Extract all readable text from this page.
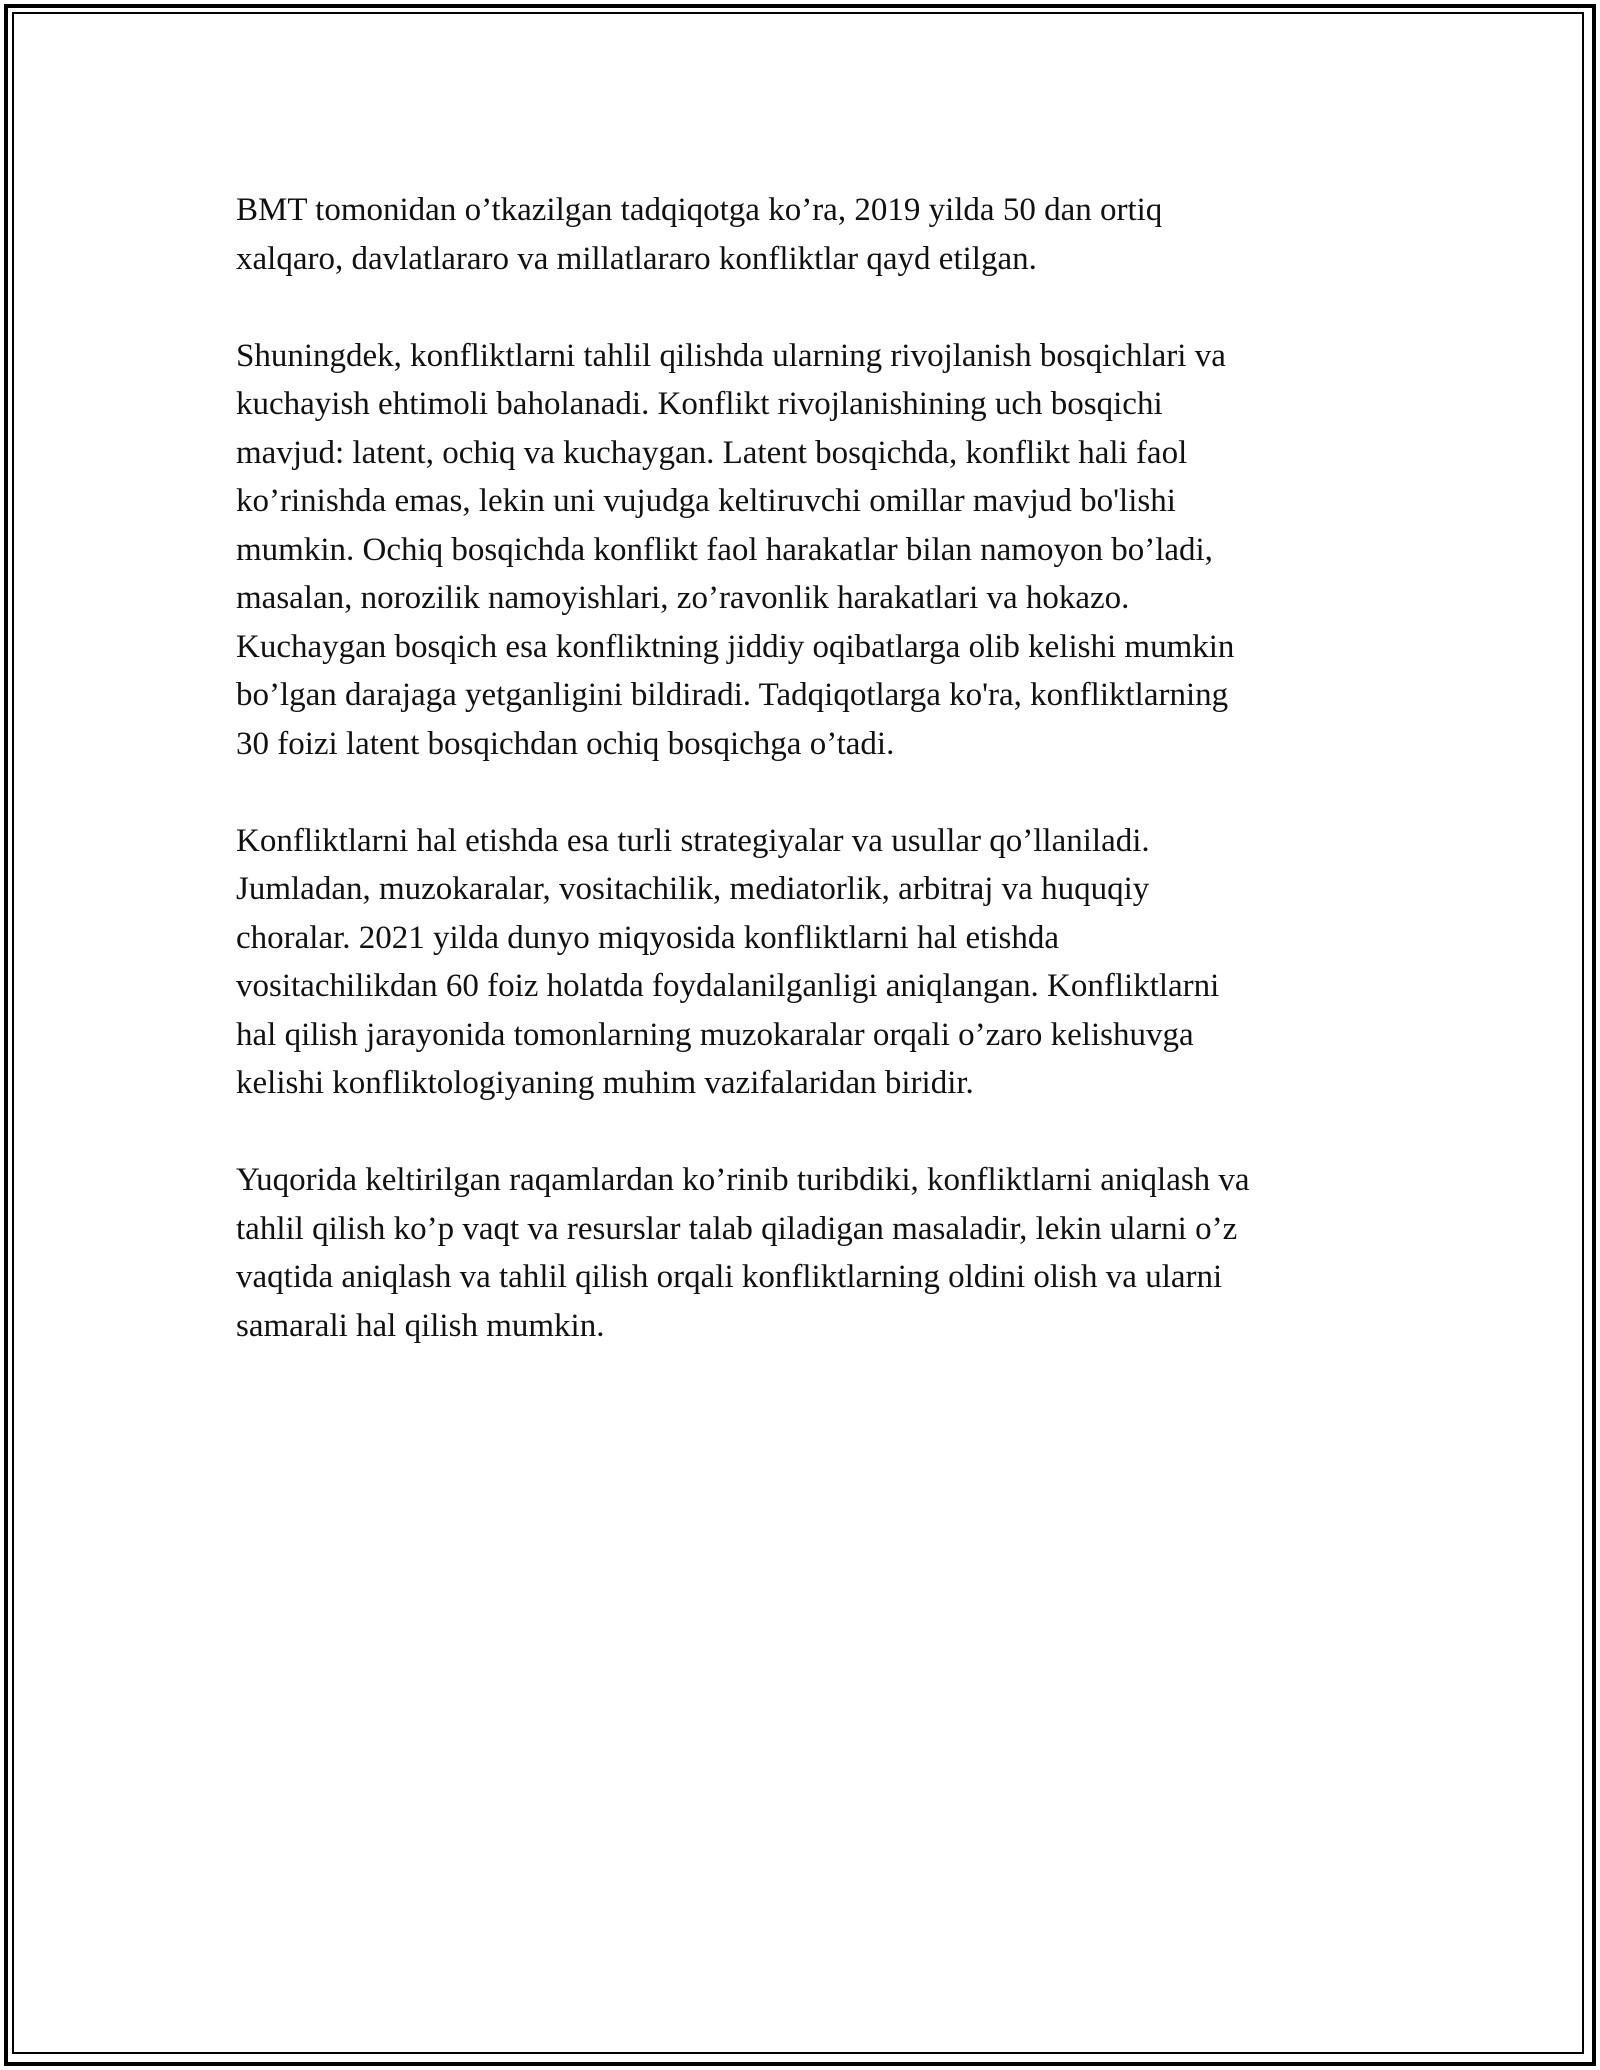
BMT tomonidan o’tkazilgan tadqiqotga ko’ra, 2019 yilda 50 dan ortiq
xalqaro, davlatlararo va millatlararo konfliktlar qayd etilgan.

Shuningdek, konfliktlarni tahlil qilishda ularning rivojlanish bosqichlari va
kuchayish ehtimoli baholanadi. Konflikt rivojlanishining uch bosqichi
mavjud: latent, ochiq va kuchaygan. Latent bosqichda, konflikt hali faol
ko’rinishda emas, lekin uni vujudga keltiruvchi omillar mavjud bo'lishi
mumkin. Ochiq bosqichda konflikt faol harakatlar bilan namoyon bo’ladi,
masalan, norozilik namoyishlari, zo’ravonlik harakatlari va hokazo.
Kuchaygan bosqich esa konfliktning jiddiy oqibatlarga olib kelishi mumkin
bo’lgan darajaga yetganligini bildiradi. Tadqiqotlarga ko'ra, konfliktlarning
30 foizi latent bosqichdan ochiq bosqichga o’tadi.

Konfliktlarni hal etishda esa turli strategiyalar va usullar qo’llaniladi.
Jumladan, muzokaralar, vositachilik, mediatorlik, arbitraj va huquqiy
choralar. 2021 yilda dunyo miqyosida konfliktlarni hal etishda
vositachilikdan 60 foiz holatda foydalanilganligi aniqlangan. Konfliktlarni
hal qilish jarayonida tomonlarning muzokaralar orqali o’zaro kelishuvga
kelishi konfliktologiyaning muhim vazifalaridan biridir.

Yuqorida keltirilgan raqamlardan ko’rinib turibdiki, konfliktlarni aniqlash va
tahlil qilish ko’p vaqt va resurslar talab qiladigan masaladir, lekin ularni o’z
vaqtida aniqlash va tahlil qilish orqali konfliktlarning oldini olish va ularni
samarali hal qilish mumkin.
